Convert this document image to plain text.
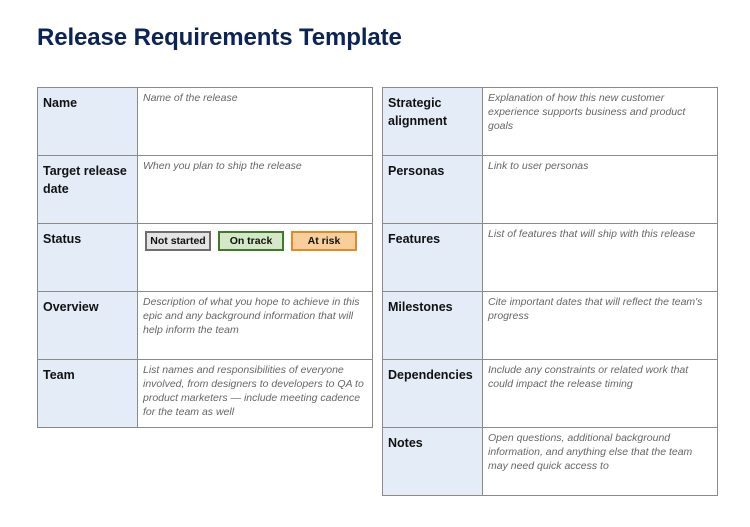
Release Requirements Template
Name	Name of the release

Target release date	When you plan to ship the release

Status	Not started On track At risk

Overview	Description of what you hope to achieve in this epic and any background information that will help inform the team

Team	List names and responsibilities of everyone involved, from designers to developers to QA to product marketers — include meeting cadence for the team as well
Strategic alignment	Explanation of how this new customer experience supports business and product goals

Personas	Link to user personas

Features	List of features that will ship with this release

Milestones	Cite important dates that will reflect the team's progress

Dependencies	Include any constraints or related work that could impact the release timing

Notes	Open questions, additional background information, and anything else that the team may need quick access to
